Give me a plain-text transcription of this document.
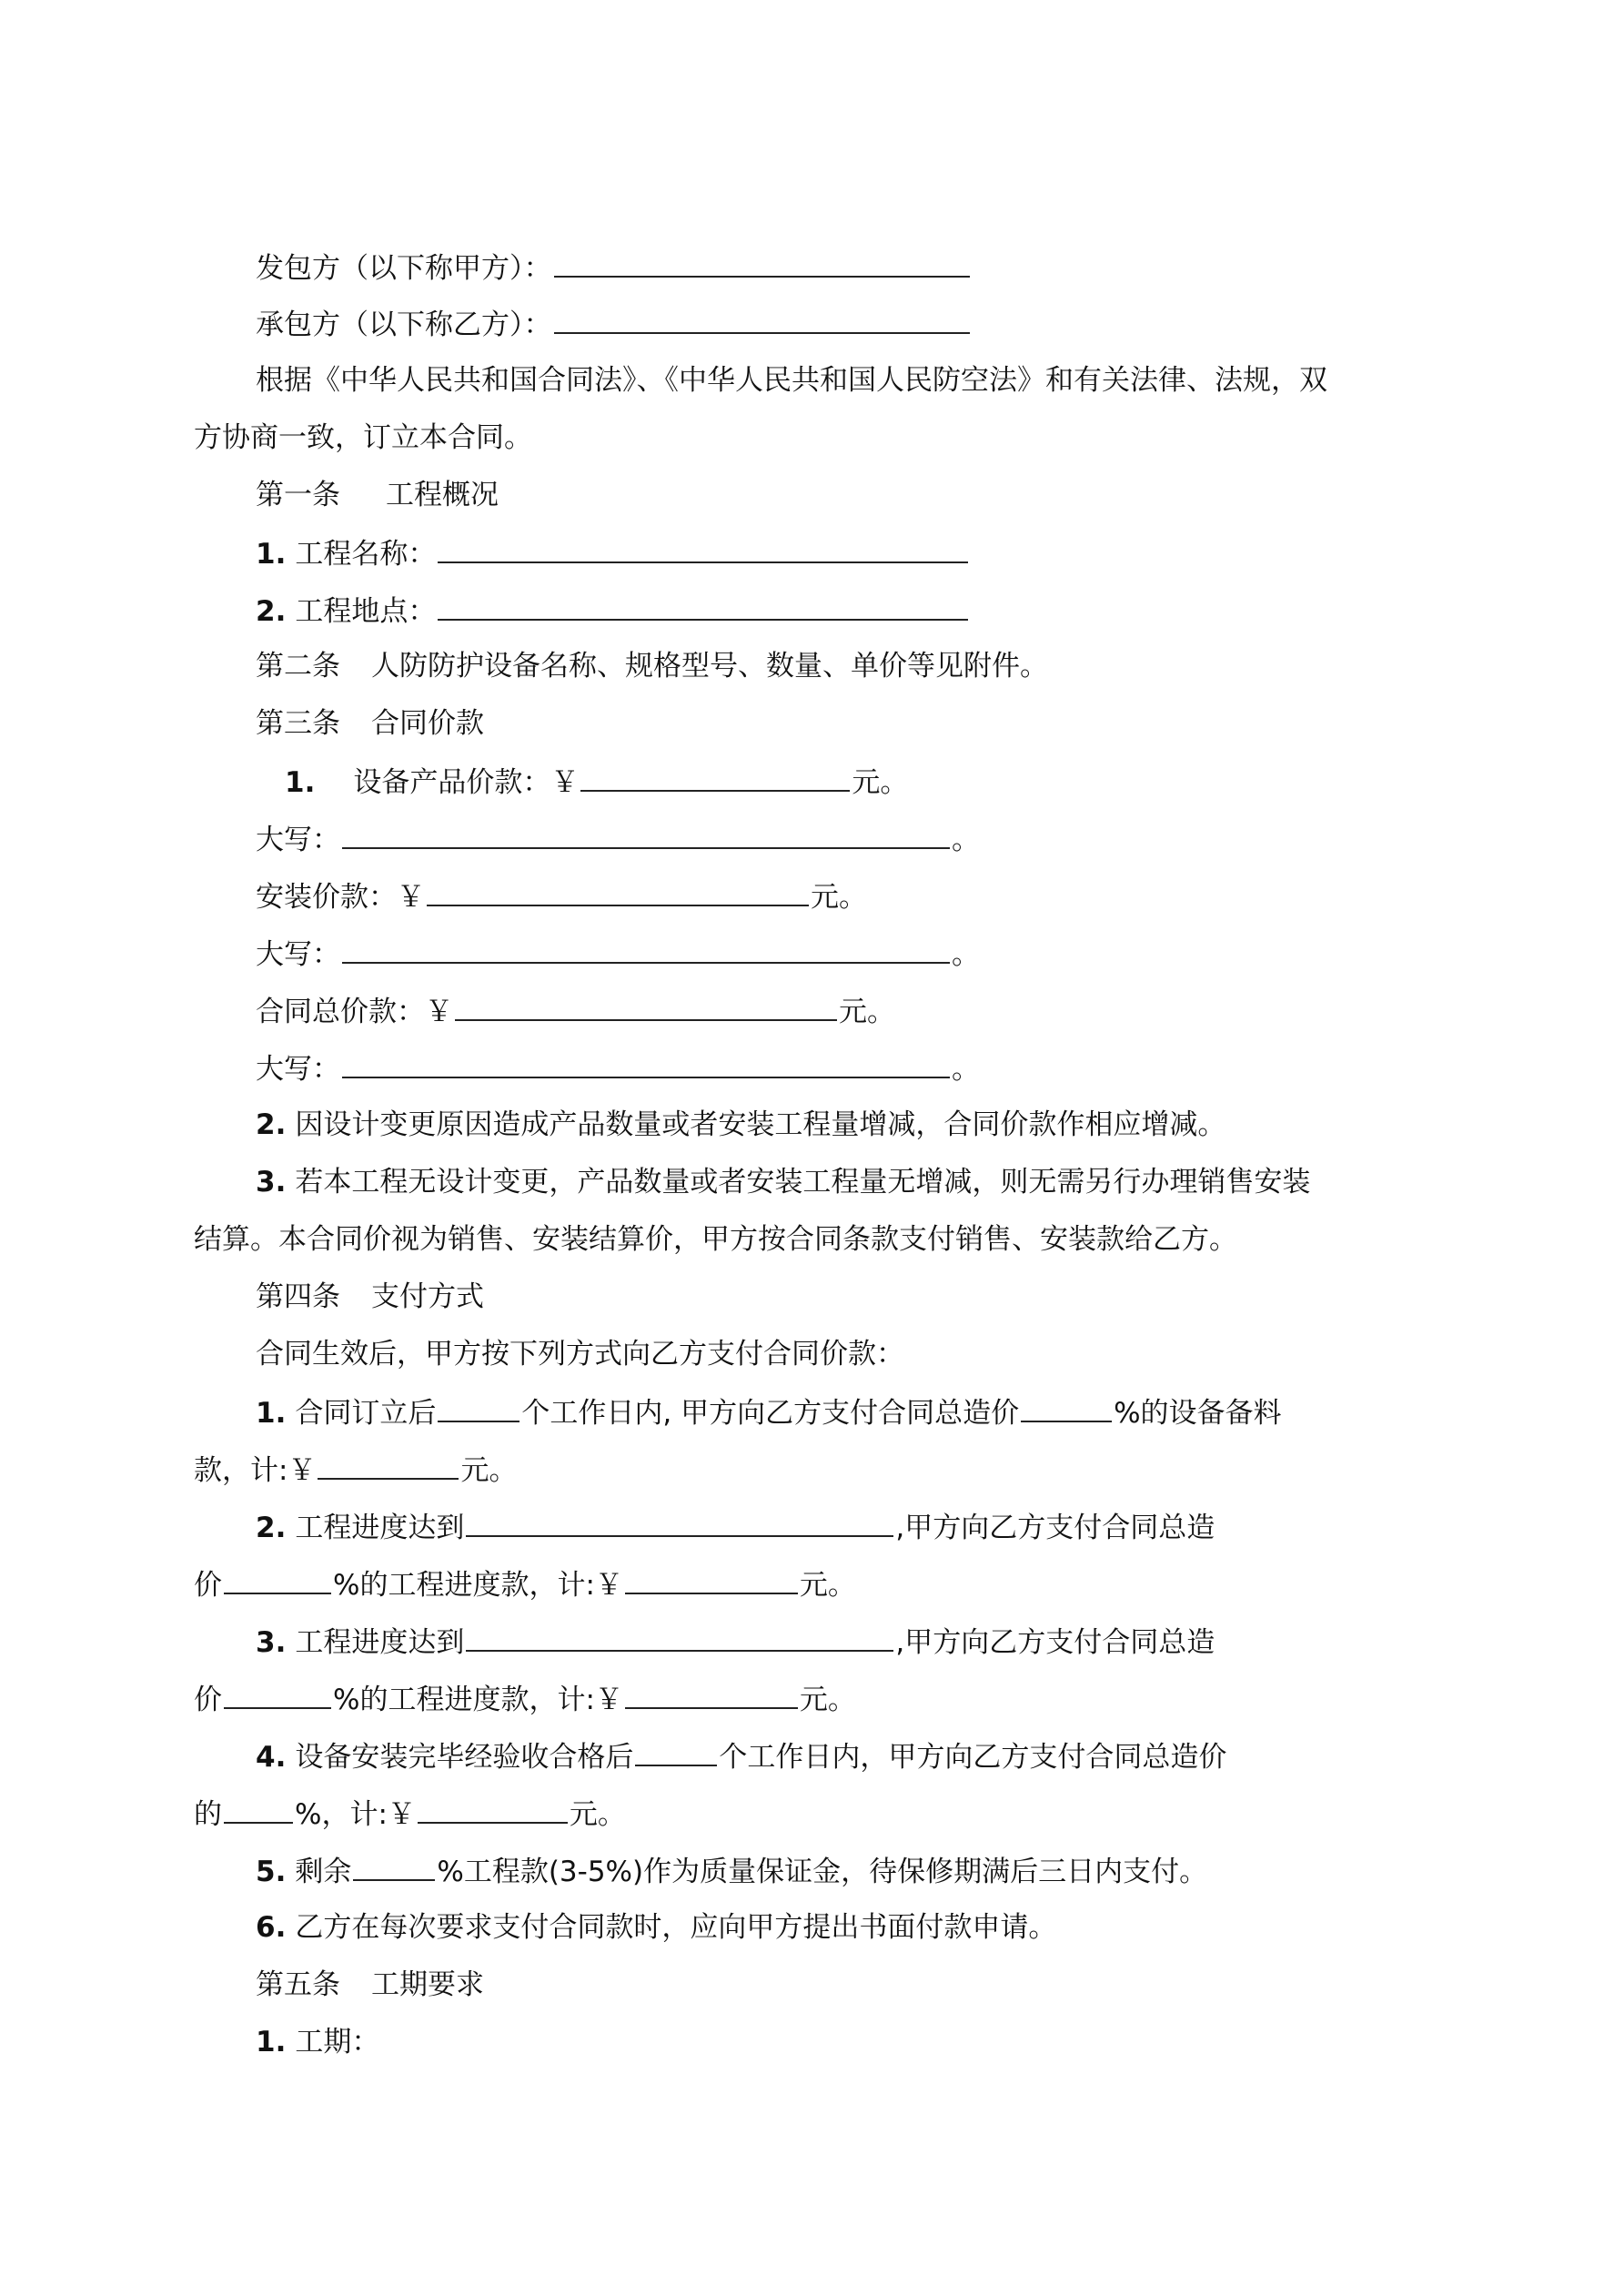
发包方（以下称甲方）：
承包方（以下称乙方）：
根据《中华人民共和国合同法》、《中华人民共和国人民防空法》和有关法律、法规，双
方协商一致，订立本合同。
第一条 工程概况
1. 工程名称：
2. 工程地点：
第二条 人防防护设备名称、规格型号、数量、单价等见附件。
第三条 合同价款
1. 设备产品价款：￥	元。
大写：	。
安装价款：￥	元。
大写：	。
合同总价款：￥	元。
大写：	。
2. 因设计变更原因造成产品数量或者安装工程量增减，合同价款作相应增减。
3. 若本工程无设计变更，产品数量或者安装工程量无增减，则无需另行办理销售安装
结算。本合同价视为销售、安装结算价，甲方按合同条款支付销售、安装款给乙方。
第四条 支付方式
合同生效后，甲方按下列方式向乙方支付合同价款：
1. 合同订立后	个工作日内, 甲方向乙方支付合同总造价	%的设备备料
款，计:￥	元。
2. 工程进度达到	,甲方向乙方支付合同总造
价	%的工程进度款，计:￥	元。
3. 工程进度达到	,甲方向乙方支付合同总造
价	%的工程进度款，计:￥	元。
4. 设备安装完毕经验收合格后	个工作日内，甲方向乙方支付合同总造价
的	%，计:￥	元。
5. 剩余	%工程款(3-5%)作为质量保证金，待保修期满后三日内支付。
6. 乙方在每次要求支付合同款时，应向甲方提出书面付款申请。
第五条 工期要求
1. 工期：
